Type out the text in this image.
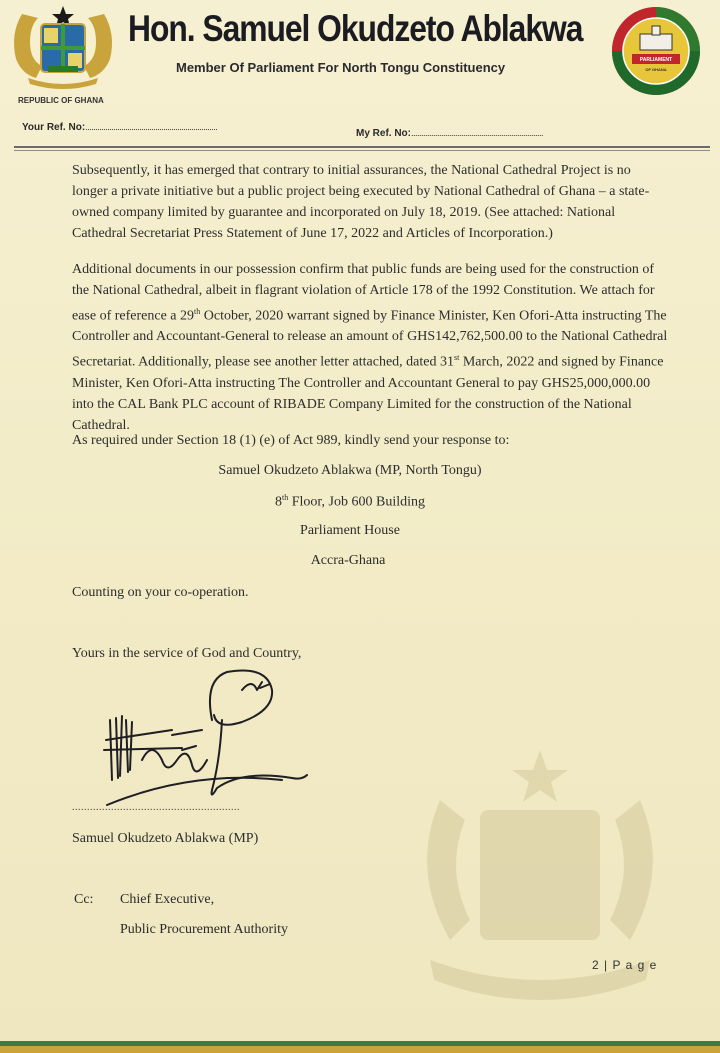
REPUBLIC OF GHANA
Hon. Samuel Okudzeto Ablakwa
Member Of Parliament For North Tongu Constituency	PARLIAMENT
OF GHANA
Your Ref. No:..................................................................
My Ref. No:..................................................................
Subsequently, it has emerged that contrary to initial assurances, the National Cathedral Project is no longer a private initiative but a public project being executed by National Cathedral of Ghana – a state-owned company limited by guarantee and incorporated on July 18, 2019. (See attached: National Cathedral Secretariat Press Statement of June 17, 2022 and Articles of Incorporation.)
Additional documents in our possession confirm that public funds are being used for the construction of the National Cathedral, albeit in flagrant violation of Article 178 of the 1992 Constitution. We attach for ease of reference a 29th October, 2020 warrant signed by Finance Minister, Ken Ofori-Atta instructing The Controller and Accountant-General to release an amount of GHS142,762,500.00 to the National Cathedral Secretariat. Additionally, please see another letter attached, dated 31st March, 2022 and signed by Finance Minister, Ken Ofori-Atta instructing The Controller and Accountant General to pay GHS25,000,000.00 into the CAL Bank PLC account of RIBADE Company Limited for the construction of the National Cathedral.
As required under Section 18 (1) (e) of Act 989, kindly send your response to:
Samuel Okudzeto Ablakwa (MP, North Tongu)
8th Floor, Job 600 Building
Parliament House
Accra-Ghana
Counting on your co-operation.
Yours in the service of God and Country,
........................................................
Samuel Okudzeto Ablakwa (MP)
Cc: Chief Executive,
Public Procurement Authority
2 | P a g e
